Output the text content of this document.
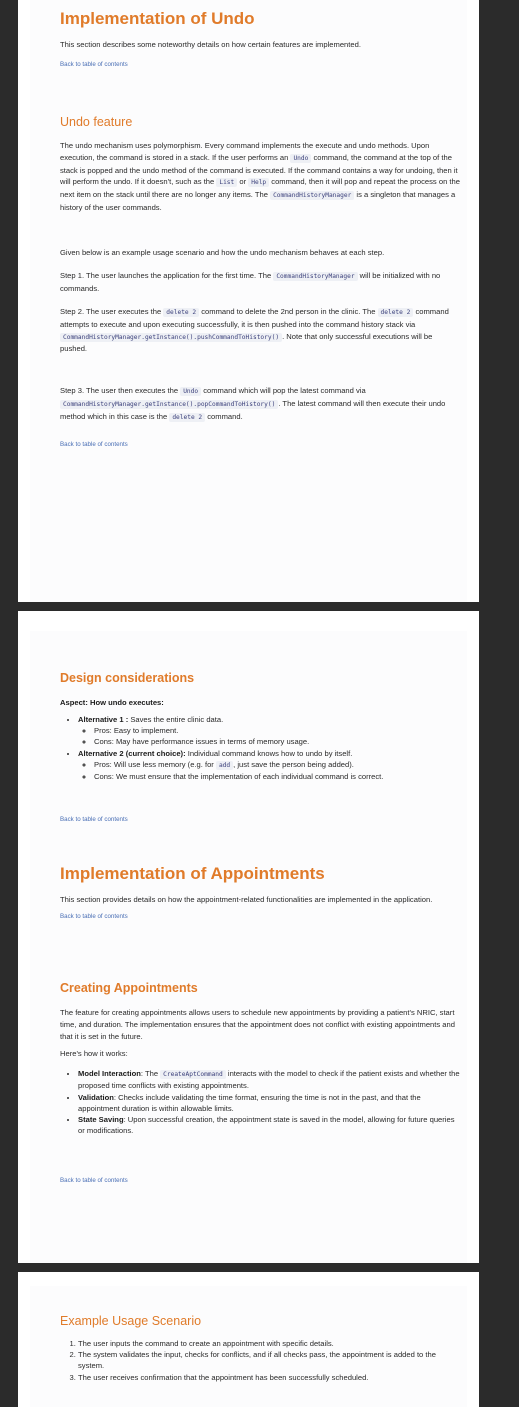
Implementation of Undo

This section describes some noteworthy details on how certain features are implemented.

Back to table of contents
Undo feature

The undo mechanism uses polymorphism. Every command implements the execute and undo methods. Upon execution, the command is stored in a stack. If the user performs an Undo command, the command at the top of the stack is popped and the undo method of the command is executed. If the command contains a way for undoing, then it will perform the undo. If it doesn't, such as the List or Help command, then it will pop and repeat the process on the next item on the stack until there are no longer any items. The CommandHistoryManager is a singleton that manages a history of the user commands.

Given below is an example usage scenario and how the undo mechanism behaves at each step.

Step 1. The user launches the application for the first time. The CommandHistoryManager will be initialized with no commands.

Step 2. The user executes the delete 2 command to delete the 2nd person in the clinic. The delete 2 command attempts to execute and upon executing successfully, it is then pushed into the command history stack via CommandHistoryManager.getInstance().pushCommandToHistory() . Note that only successful executions will be pushed.

Step 3. The user then executes the Undo command which will pop the latest command via CommandHistoryManager.getInstance().popCommandToHistory() . The latest command will then execute their undo method which in this case is the delete 2 command.

Back to table of contents
Design considerations
Aspect: How undo executes:
• Alternative 1 : Saves the entire clinic data.
◦ Pros: Easy to implement.
◦ Cons: May have performance issues in terms of memory usage.
• Alternative 2 (current choice): Individual command knows how to undo by itself.
◦ Pros: Will use less memory (e.g. for add , just save the person being added).
◦ Cons: We must ensure that the implementation of each individual command is correct.
Back to table of contents
Implementation of Appointments

This section provides details on how the appointment-related functionalities are implemented in the application.

Back to table of contents
Creating Appointments

The feature for creating appointments allows users to schedule new appointments by providing a patient's NRIC, start time, and duration. The implementation ensures that the appointment does not conflict with existing appointments and that it is set in the future.

Here's how it works:

• Model Interaction: The CreateAptCommand interacts with the model to check if the patient exists and whether the proposed time conflicts with existing appointments.
• Validation: Checks include validating the time format, ensuring the time is not in the past, and that the appointment duration is within allowable limits.
• State Saving: Upon successful creation, the appointment state is saved in the model, allowing for future queries or modifications.
Back to table of contents
Example Usage Scenario
1. The user inputs the command to create an appointment with specific details.
2. The system validates the input, checks for conflicts, and if all checks pass, the appointment is added to the system.
3. The user receives confirmation that the appointment has been successfully scheduled.
